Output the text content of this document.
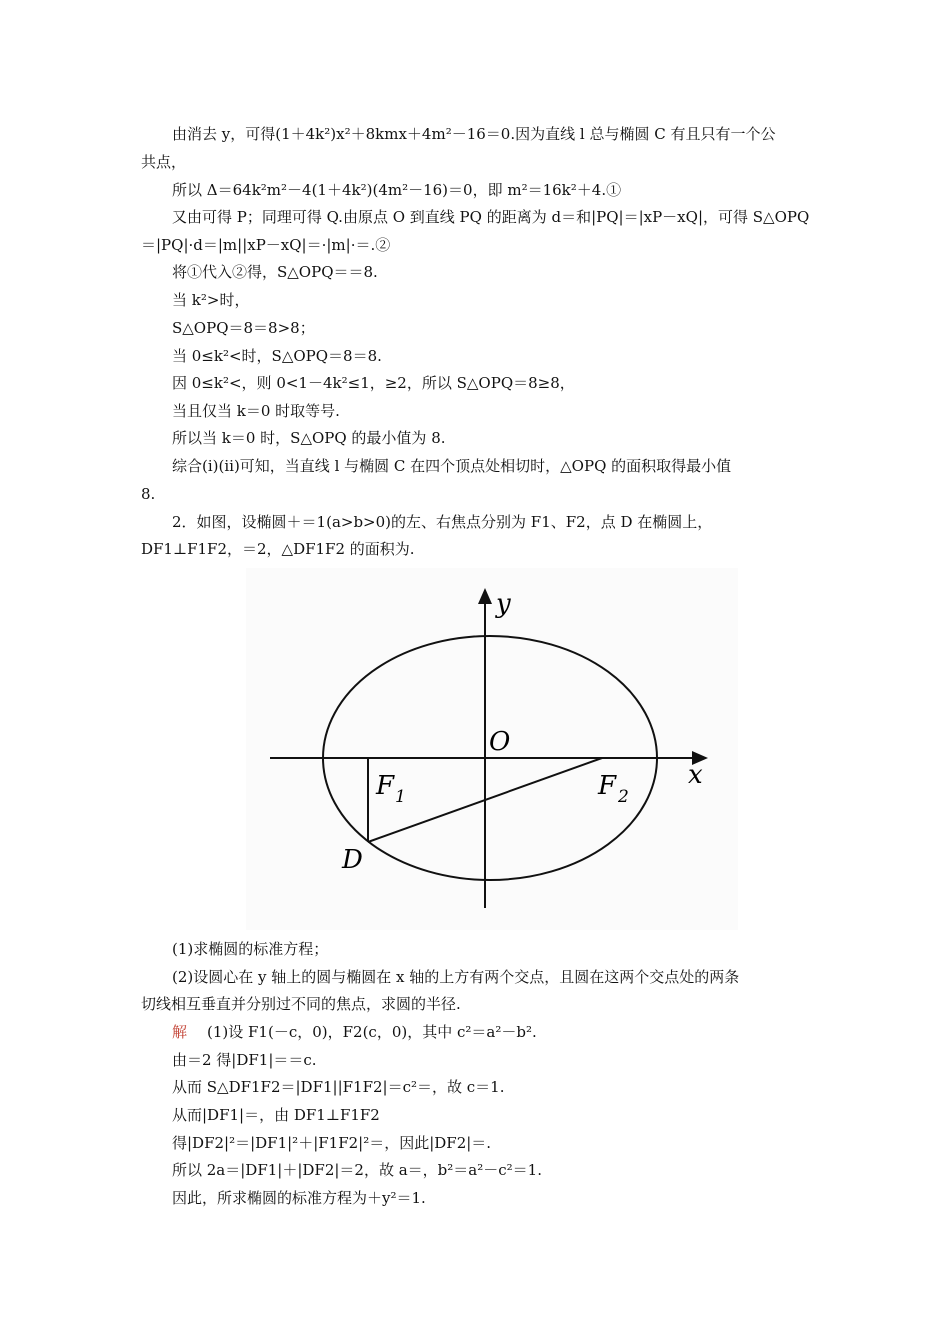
由消去 y，可得(1＋4k²)x²＋8kmx＋4m²－16＝0.因为直线 l 总与椭圆 C 有且只有一个公
共点，
所以 Δ＝64k²m²－4(1＋4k²)(4m²－16)＝0，即 m²＝16k²＋4.①
又由可得 P；同理可得 Q.由原点 O 到直线 PQ 的距离为 d＝和|PQ|＝|xP－xQ|，可得 S△OPQ
＝|PQ|·d＝|m||xP－xQ|＝·|m|·＝.②
将①代入②得，S△OPQ＝＝8.
当 k²>时，
S△OPQ＝8＝8>8；
当 0≤k²<时，S△OPQ＝8＝8.
因 0≤k²<，则 0<1－4k²≤1，≥2，所以 S△OPQ＝8≥8，
当且仅当 k＝0 时取等号.
所以当 k＝0 时，S△OPQ 的最小值为 8.
综合(ⅰ)(ⅱ)可知，当直线 l 与椭圆 C 在四个顶点处相切时，△OPQ 的面积取得最小值
8.
2．如图，设椭圆＋＝1(a>b>0)的左、右焦点分别为 F1、F2，点 D 在椭圆上，
DF1⊥F1F2，＝2，△DF1F2 的面积为.
y
x
O
F 1	F 2
D
(1)求椭圆的标准方程；
(2)设圆心在 y 轴上的圆与椭圆在 x 轴的上方有两个交点，且圆在这两个交点处的两条
切线相互垂直并分别过不同的焦点，求圆的半径.
解 (1)设 F1(－c，0)，F2(c，0)，其中 c²＝a²－b².
由＝2 得|DF1|＝＝c.
从而 S△DF1F2＝|DF1||F1F2|＝c²＝，故 c＝1.
从而|DF1|＝，由 DF1⊥F1F2
得|DF2|²＝|DF1|²＋|F1F2|²＝，因此|DF2|＝.
所以 2a＝|DF1|＋|DF2|＝2，故 a＝，b²＝a²－c²＝1.
因此，所求椭圆的标准方程为＋y²＝1.
